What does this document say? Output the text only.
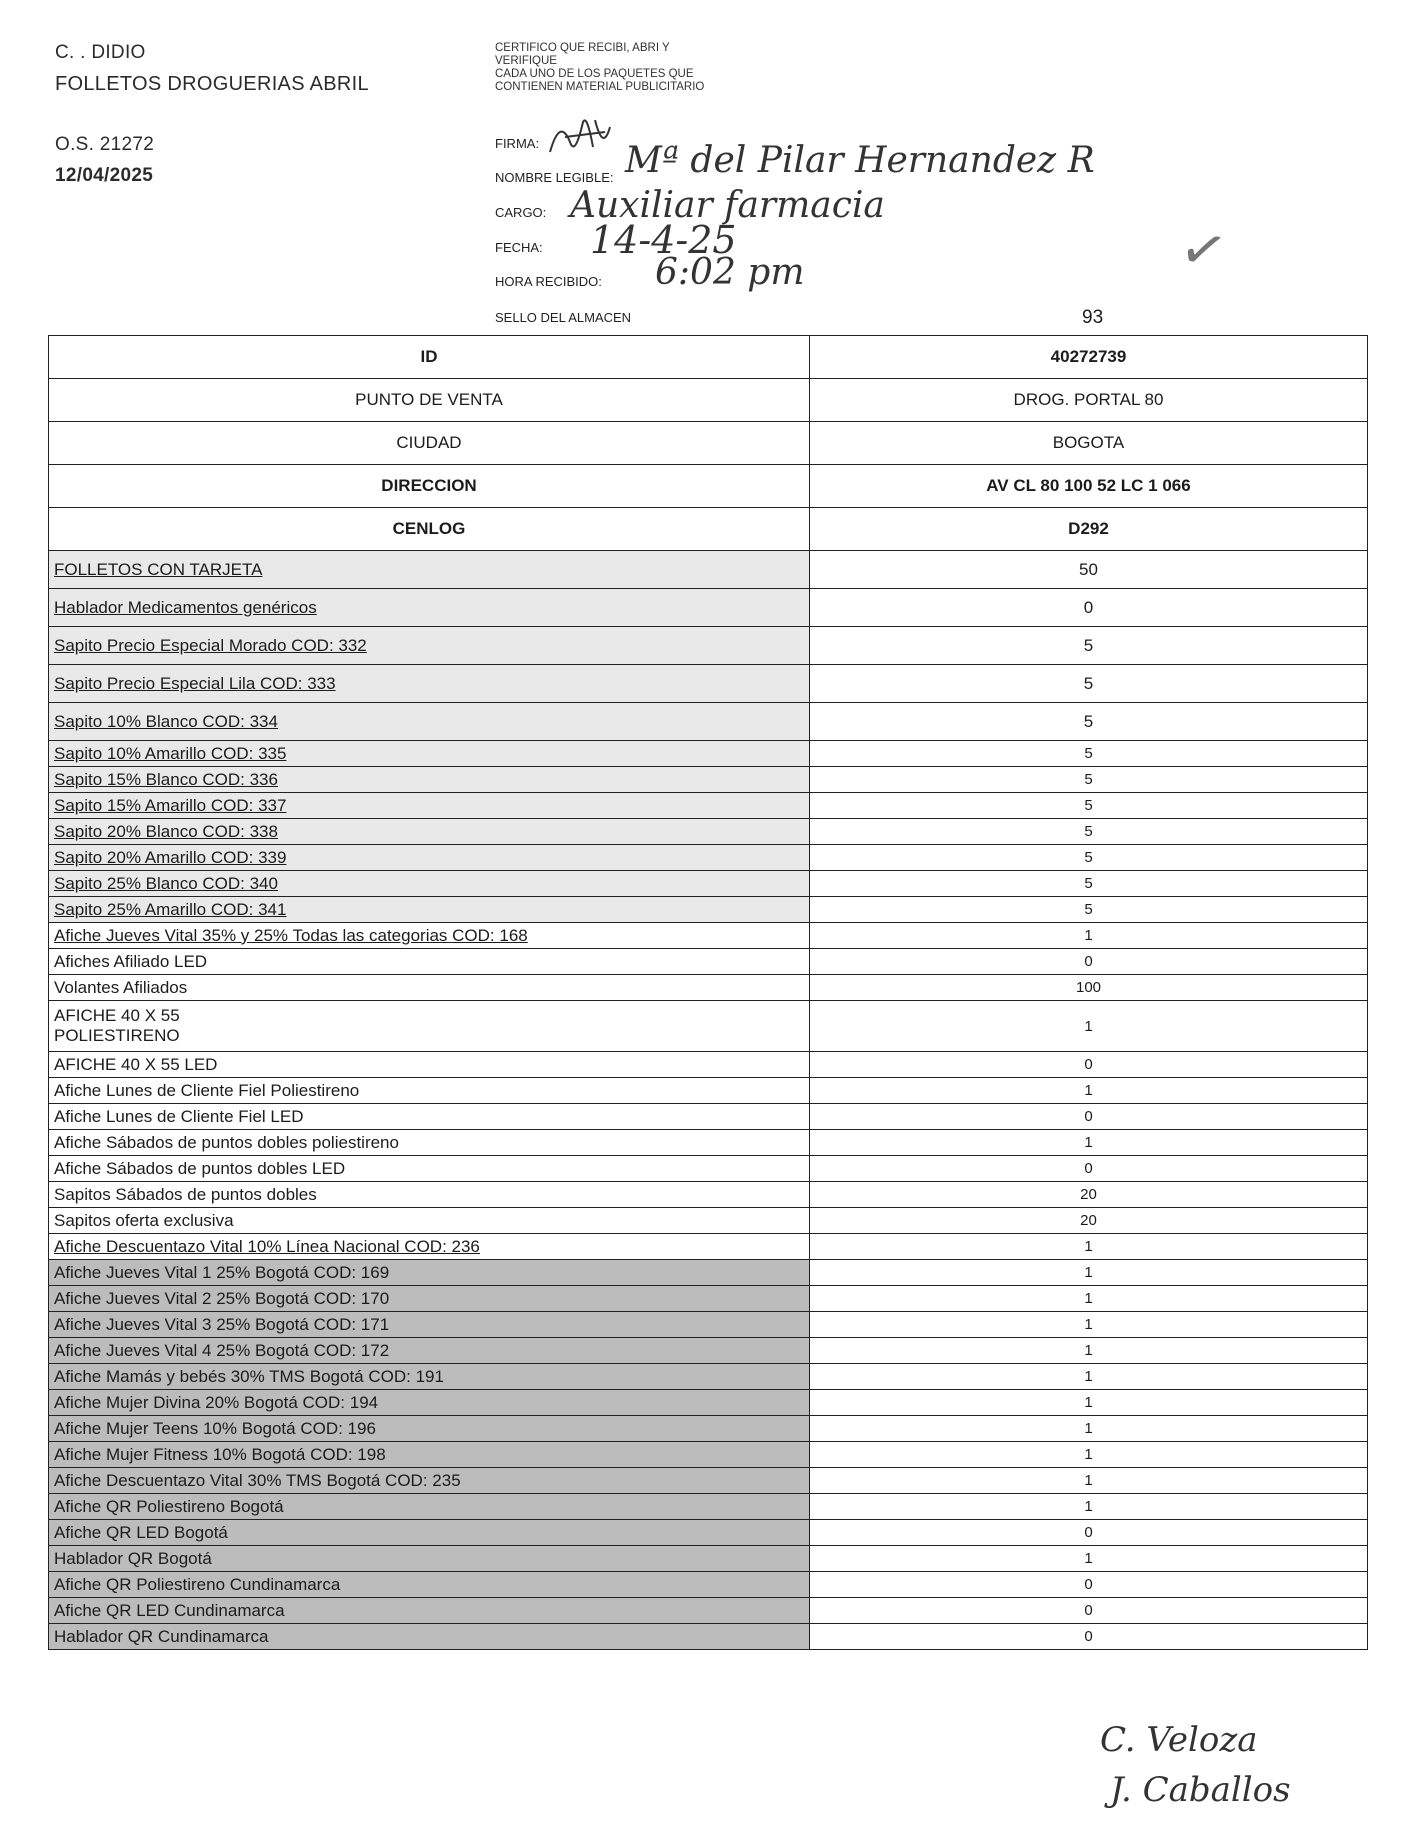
C. . DIDIO
FOLLETOS DROGUERIAS ABRIL
O.S. 21272
12/04/2025
CERTIFICO QUE RECIBI, ABRI Y
VERIFIQUE
CADA UNO DE LOS PAQUETES QUE
CONTIENEN MATERIAL PUBLICITARIO
FIRMA:
NOMBRE LEGIBLE: Mª del Pilar Hernandez R
CARGO: Auxiliar farmacia
FECHA: 14-4-25
HORA RECIBIDO: 6:02 pm
SELLO DEL ALMACEN
✓
93
ID	40272739
PUNTO DE VENTA	DROG. PORTAL 80
CIUDAD	BOGOTA
DIRECCION	AV CL 80 100 52 LC 1 066
CENLOG	D292
FOLLETOS CON TARJETA	50
Hablador Medicamentos genéricos	0
Sapito Precio Especial Morado COD: 332	5
Sapito Precio Especial Lila COD: 333	5
Sapito 10% Blanco COD: 334	5
Sapito 10% Amarillo COD: 335	5
Sapito 15% Blanco COD: 336	5
Sapito 15% Amarillo COD: 337	5
Sapito 20% Blanco COD: 338	5
Sapito 20% Amarillo COD: 339	5
Sapito 25% Blanco COD: 340	5
Sapito 25% Amarillo COD: 341	5
Afiche Jueves Vital 35% y 25% Todas las categorias COD: 168	1
Afiches Afiliado LED	0
Volantes Afiliados	100
AFICHE 40 X 55
POLIESTIRENO	1
AFICHE 40 X 55 LED	0
Afiche Lunes de Cliente Fiel Poliestireno	1
Afiche Lunes de Cliente Fiel LED	0
Afiche Sábados de puntos dobles poliestireno	1
Afiche Sábados de puntos dobles LED	0
Sapitos Sábados de puntos dobles	20
Sapitos oferta exclusiva	20
Afiche Descuentazo Vital 10% Línea Nacional COD: 236	1
Afiche Jueves Vital 1 25% Bogotá COD: 169	1
Afiche Jueves Vital 2 25% Bogotá COD: 170	1
Afiche Jueves Vital 3 25% Bogotá COD: 171	1
Afiche Jueves Vital 4 25% Bogotá COD: 172	1
Afiche Mamás y bebés 30% TMS Bogotá COD: 191	1
Afiche Mujer Divina 20% Bogotá COD: 194	1
Afiche Mujer Teens 10% Bogotá COD: 196	1
Afiche Mujer Fitness 10% Bogotá COD: 198	1
Afiche Descuentazo Vital 30% TMS Bogotá COD: 235	1
Afiche QR Poliestireno Bogotá	1
Afiche QR LED Bogotá	0
Hablador QR Bogotá	1
Afiche QR Poliestireno Cundinamarca	0
Afiche QR LED Cundinamarca	0
Hablador QR Cundinamarca	0
C. Veloza
J. Caballos
